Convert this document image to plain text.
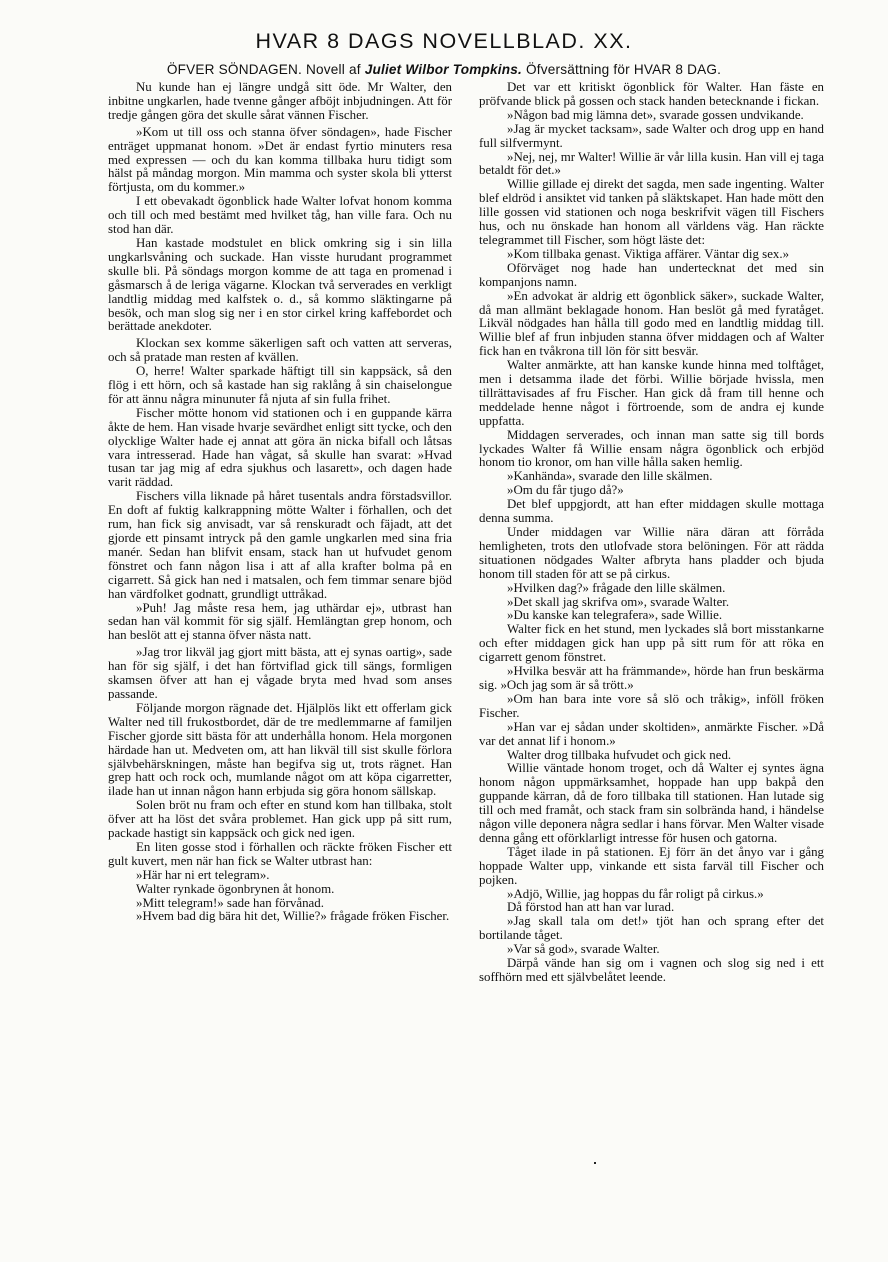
HVAR 8 DAGS NOVELLBLAD. XX.
ÖFVER SÖNDAGEN. Novell af Juliet Wilbor Tompkins. Öfversättning för HVAR 8 DAG.

Nu kunde han ej längre undgå sitt öde. Mr Walter, den inbitne ungkarlen, hade tvenne gånger afböjt inbjudningen. Att för tredje gången göra det skulle sårat vännen Fischer.

»Kom ut till oss och stanna öfver söndagen», hade Fischer enträget uppmanat honom. »Det är endast fyrtio minuters resa med expressen — och du kan komma tillbaka huru tidigt som hälst på måndag morgon. Min mamma och syster skola bli ytterst förtjusta, om du kommer.»

I ett obevakadt ögonblick hade Walter lofvat honom komma och till och med bestämt med hvilket tåg, han ville fara. Och nu stod han där.

Han kastade modstulet en blick omkring sig i sin lilla ungkarlsvåning och suckade. Han visste hurudant programmet skulle bli. På söndags morgon komme de att taga en promenad i gåsmarsch å de leriga vägarne. Klockan två serverades en verkligt landtlig middag med kalfstek o. d., så kommo släktingarne på besök, och man slog sig ner i en stor cirkel kring kaffebordet och berättade anekdoter.

Klockan sex komme säkerligen saft och vatten att serveras, och så pratade man resten af kvällen.

O, herre! Walter sparkade häftigt till sin kappsäck, så den flög i ett hörn, och så kastade han sig raklång å sin chaiselongue för att ännu några minunuter få njuta af sin fulla frihet.

Fischer mötte honom vid stationen och i en guppande kärra åkte de hem. Han visade hvarje sevärdhet enligt sitt tycke, och den olycklige Walter hade ej annat att göra än nicka bifall och låtsas vara intresserad. Hade han vågat, så skulle han svarat: »Hvad tusan tar jag mig af edra sjukhus och lasarett», och dagen hade varit räddad.

Fischers villa liknade på håret tusentals andra förstadsvillor. En doft af fuktig kalkrappning mötte Walter i förhallen, och det rum, han fick sig anvisadt, var så renskuradt och fäjadt, att det gjorde ett pinsamt intryck på den gamle ungkarlen med sina fria manér. Sedan han blifvit ensam, stack han ut hufvudet genom fönstret och fann någon lisa i att af alla krafter bolma på en cigarrett. Så gick han ned i matsalen, och fem timmar senare bjöd han värdfolket godnatt, grundligt uttråkad.

»Puh! Jag måste resa hem, jag uthärdar ej», utbrast han sedan han väl kommit för sig själf. Hemlängtan grep honom, och han beslöt att ej stanna öfver nästa natt.

»Jag tror likväl jag gjort mitt bästa, att ej synas oartig», sade han för sig själf, i det han förtviflad gick till sängs, formligen skamsen öfver att han ej vågade bryta med hvad som anses passande.

Följande morgon rägnade det. Hjälplös likt ett offerlam gick Walter ned till frukostbordet, där de tre medlemmarne af familjen Fischer gjorde sitt bästa för att underhålla honom. Hela morgonen härdade han ut. Medveten om, att han likväl till sist skulle förlora självbehärskningen, måste han begifva sig ut, trots rägnet. Han grep hatt och rock och, mumlande något om att köpa cigarretter, ilade han ut innan någon hann erbjuda sig göra honom sällskap.

Solen bröt nu fram och efter en stund kom han tillbaka, stolt öfver att ha löst det svåra problemet. Han gick upp på sitt rum, packade hastigt sin kappsäck och gick ned igen.

En liten gosse stod i förhallen och räckte fröken Fischer ett gult kuvert, men när han fick se Walter utbrast han:

»Här har ni ert telegram».

Walter rynkade ögonbrynen åt honom.

»Mitt telegram!» sade han förvånad.

»Hvem bad dig bära hit det, Willie?» frågade fröken Fischer.

Det var ett kritiskt ögonblick för Walter. Han fäste en pröfvande blick på gossen och stack handen betecknande i fickan.

»Någon bad mig lämna det», svarade gossen undvikande.

»Jag är mycket tacksam», sade Walter och drog upp en hand full silfvermynt.

»Nej, nej, mr Walter! Willie är vår lilla kusin. Han vill ej taga betaldt för det.»

Willie gillade ej direkt det sagda, men sade ingenting. Walter blef eldröd i ansiktet vid tanken på släktskapet. Han hade mött den lille gossen vid stationen och noga beskrifvit vägen till Fischers hus, och nu önskade han honom all världens väg. Han räckte telegrammet till Fischer, som högt läste det:

»Kom tillbaka genast. Viktiga affärer. Väntar dig sex.»

Oförväget nog hade han undertecknat det med sin kompanjons namn.

»En advokat är aldrig ett ögonblick säker», suckade Walter, då man allmänt beklagade honom. Han beslöt gå med fyratåget. Likväl nödgades han hålla till godo med en landtlig middag till. Willie blef af frun inbjuden stanna öfver middagen och af Walter fick han en tvåkrona till lön för sitt besvär.

Walter anmärkte, att han kanske kunde hinna med tolftåget, men i detsamma ilade det förbi. Willie började hvissla, men tillrättavisades af fru Fischer. Han gick då fram till henne och meddelade henne något i förtroende, som de andra ej kunde uppfatta.

Middagen serverades, och innan man satte sig till bords lyckades Walter få Willie ensam några ögonblick och erbjöd honom tio kronor, om han ville hålla saken hemlig.

»Kanhända», svarade den lille skälmen.

»Om du får tjugo då?»

Det blef uppgjordt, att han efter middagen skulle mottaga denna summa.

Under middagen var Willie nära däran att förråda hemligheten, trots den utlofvade stora belöningen. För att rädda situationen nödgades Walter afbryta hans pladder och bjuda honom till staden för att se på cirkus.

»Hvilken dag?» frågade den lille skälmen.

»Det skall jag skrifva om», svarade Walter.

»Du kanske kan telegrafera», sade Willie.

Walter fick en het stund, men lyckades slå bort misstankarne och efter middagen gick han upp på sitt rum för att röka en cigarrett genom fönstret.

»Hvilka besvär att ha främmande», hörde han frun beskärma sig. »Och jag som är så trött.»

»Om han bara inte vore så slö och tråkig», inföll fröken Fischer.

»Han var ej sådan under skoltiden», anmärkte Fischer. »Då var det annat lif i honom.»

Walter drog tillbaka hufvudet och gick ned.

Willie väntade honom troget, och då Walter ej syntes ägna honom någon uppmärksamhet, hoppade han upp bakpå den guppande kärran, då de foro tillbaka till stationen. Han lutade sig till och med framåt, och stack fram sin solbrända hand, i händelse någon ville deponera några sedlar i hans förvar. Men Walter visade denna gång ett oförklarligt intresse för husen och gatorna.

Tåget ilade in på stationen. Ej förr än det ånyo var i gång hoppade Walter upp, vinkande ett sista farväl till Fischer och pojken.

»Adjö, Willie, jag hoppas du får roligt på cirkus.»

Då förstod han att han var lurad.

»Jag skall tala om det!» tjöt han och sprang efter det bortilande tåget.

»Var så god», svarade Walter.

Därpå vände han sig om i vagnen och slog sig ned i ett soffhörn med ett självbelåtet leende.
